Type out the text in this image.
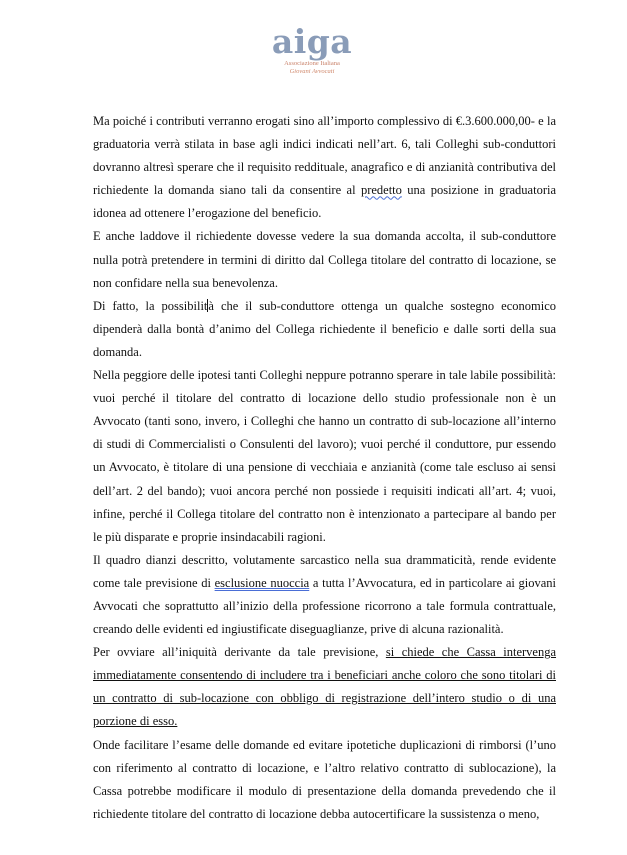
aiga
Associazione Italiana
Giovani Avvocati

Ma poiché i contributi verranno erogati sino all’importo complessivo di €.3.600.000,00- e la graduatoria verrà stilata in base agli indici indicati nell’art. 6, tali Colleghi sub-conduttori dovranno altresì sperare che il requisito reddituale, anagrafico e di anzianità contributiva del richiedente la domanda siano tali da consentire al predetto una posizione in graduatoria idonea ad ottenere l’erogazione del beneficio.

E anche laddove il richiedente dovesse vedere la sua domanda accolta, il sub-conduttore nulla potrà pretendere in termini di diritto dal Collega titolare del contratto di locazione, se non confidare nella sua benevolenza.

Di fatto, la possibilità che il sub-conduttore ottenga un qualche sostegno economico dipenderà dalla bontà d’animo del Collega richiedente il beneficio e dalle sorti della sua domanda.

Nella peggiore delle ipotesi tanti Colleghi neppure potranno sperare in tale labile possibilità: vuoi perché il titolare del contratto di locazione dello studio professionale non è un Avvocato (tanti sono, invero, i Colleghi che hanno un contratto di sub-locazione all’interno di studi di Commercialisti o Consulenti del lavoro); vuoi perché il conduttore, pur essendo un Avvocato, è titolare di una pensione di vecchiaia e anzianità (come tale escluso ai sensi dell’art. 2 del bando); vuoi ancora perché non possiede i requisiti indicati all’art. 4; vuoi, infine, perché il Collega titolare del contratto non è intenzionato a partecipare al bando per le più disparate e proprie insindacabili ragioni.

Il quadro dianzi descritto, volutamente sarcastico nella sua drammaticità, rende evidente come tale previsione di esclusione nuoccia a tutta l’Avvocatura, ed in particolare ai giovani Avvocati che soprattutto all’inizio della professione ricorrono a tale formula contrattuale, creando delle evidenti ed ingiustificate diseguaglianze, prive di alcuna razionalità.

Per ovviare all’iniquità derivante da tale previsione, si chiede che Cassa intervenga immediatamente consentendo di includere tra i beneficiari anche coloro che sono titolari di un contratto di sub-locazione con obbligo di registrazione dell’intero studio o di una porzione di esso.

Onde facilitare l’esame delle domande ed evitare ipotetiche duplicazioni di rimborsi (l’uno con riferimento al contratto di locazione, e l’altro relativo contratto di sublocazione), la Cassa potrebbe modificare il modulo di presentazione della domanda prevedendo che il richiedente titolare del contratto di locazione debba autocertificare la sussistenza o meno,
